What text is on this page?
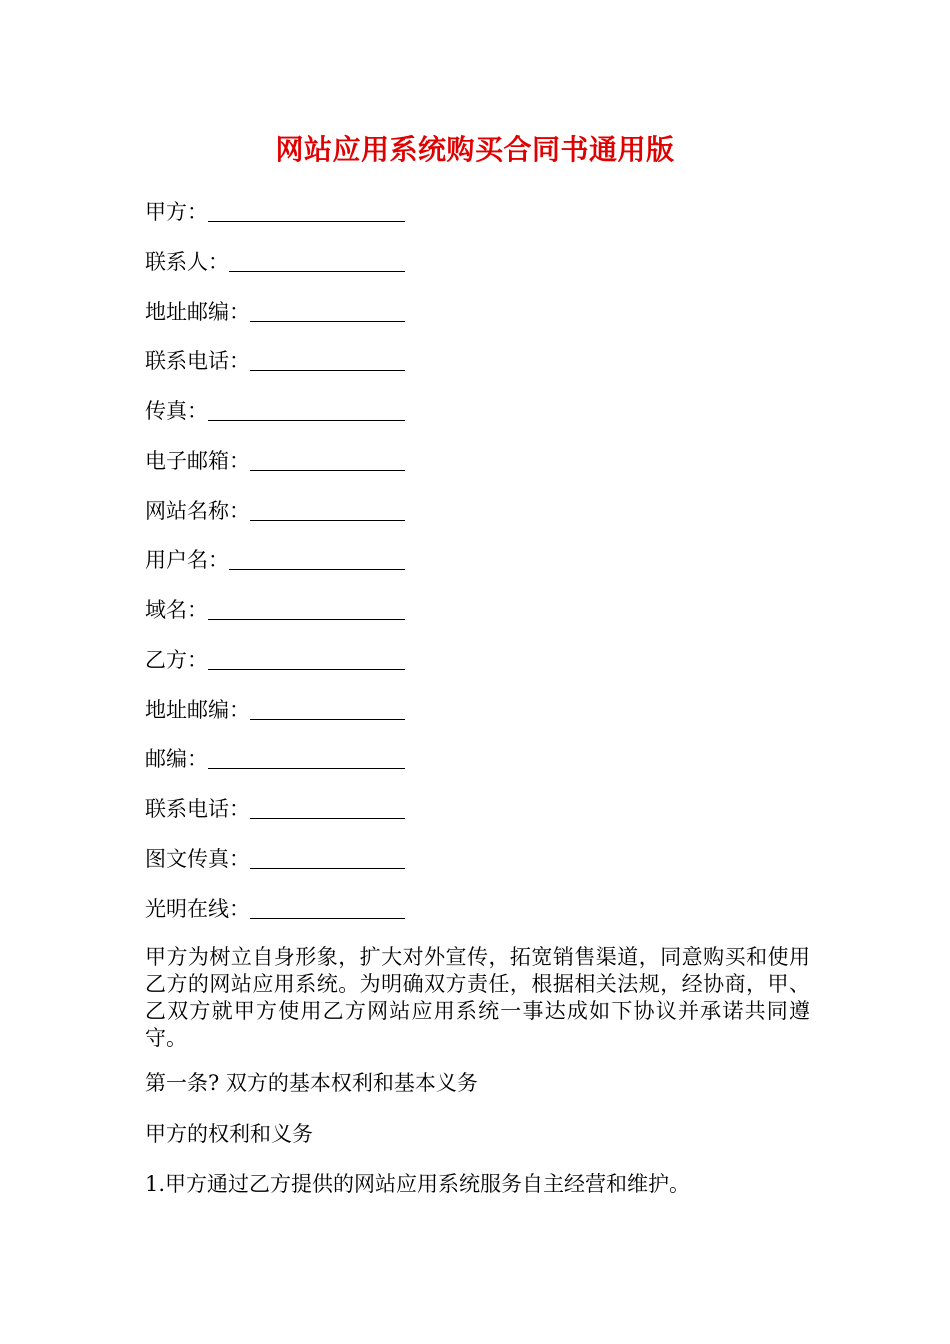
网站应用系统购买合同书通用版
甲方：
联系人：
地址邮编：
联系电话：
传真：
电子邮箱：
网站名称：
用户名：
域名：
乙方：
地址邮编：
邮编：
联系电话：
图文传真：
光明在线：

甲方为树立自身形象，扩大对外宣传，拓宽销售渠道，同意购买和使用乙方的网站应用系统。为明确双方责任，根据相关法规，经协商，甲、乙双方就甲方使用乙方网站应用系统一事达成如下协议并承诺共同遵守。

第一条? 双方的基本权利和基本义务
甲方的权利和义务
1.甲方通过乙方提供的网站应用系统服务自主经营和维护。
